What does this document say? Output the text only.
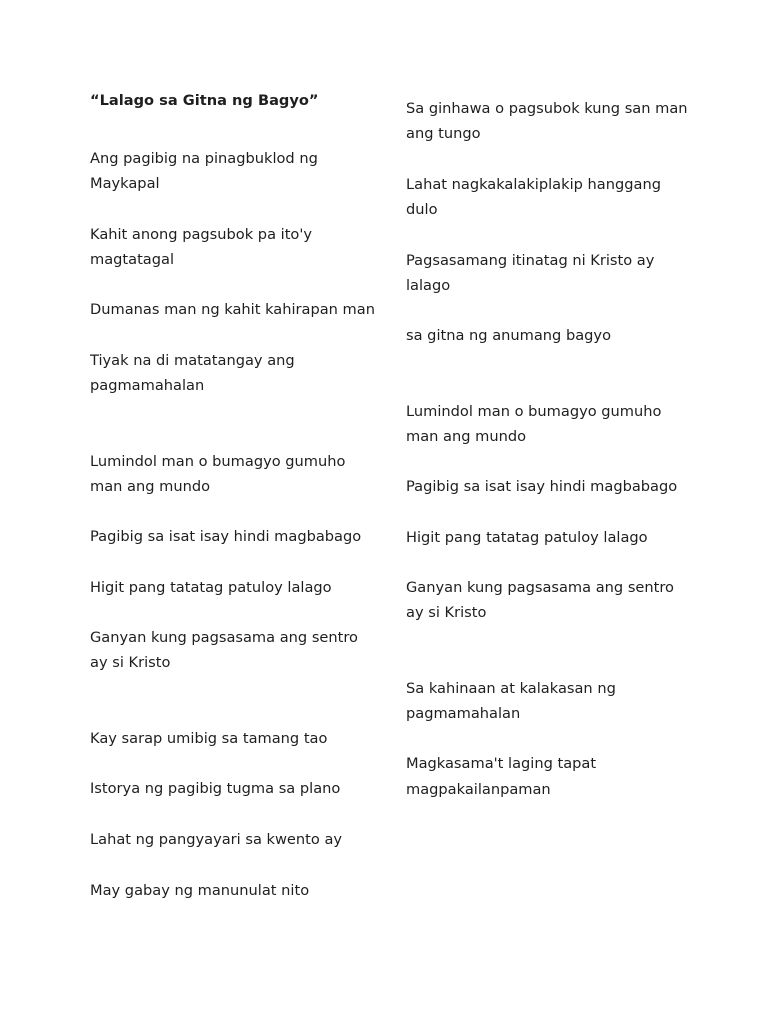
“Lalago sa Gitna ng Bagyo”
Ang pagibig na pinagbuklod ng
Maykapal
Kahit anong pagsubok pa ito'y
magtatagal
Dumanas man ng kahit kahirapan man
Tiyak na di matatangay ang
pagmamahalan
Lumindol man o bumagyo gumuho
man ang mundo
Pagibig sa isat isay hindi magbabago
Higit pang tatatag patuloy lalago
Ganyan kung pagsasama ang sentro
ay si Kristo
Kay sarap umibig sa tamang tao
Istorya ng pagibig tugma sa plano
Lahat ng pangyayari sa kwento ay
May gabay ng manunulat nito
Sa ginhawa o pagsubok kung san man
ang tungo
Lahat nagkakalakiplakip hanggang
dulo
Pagsasamang itinatag ni Kristo ay
lalago
sa gitna ng anumang bagyo
Lumindol man o bumagyo gumuho
man ang mundo
Pagibig sa isat isay hindi magbabago
Higit pang tatatag patuloy lalago
Ganyan kung pagsasama ang sentro
ay si Kristo
Sa kahinaan at kalakasan ng
pagmamahalan
Magkasama't laging tapat
magpakailanpaman
